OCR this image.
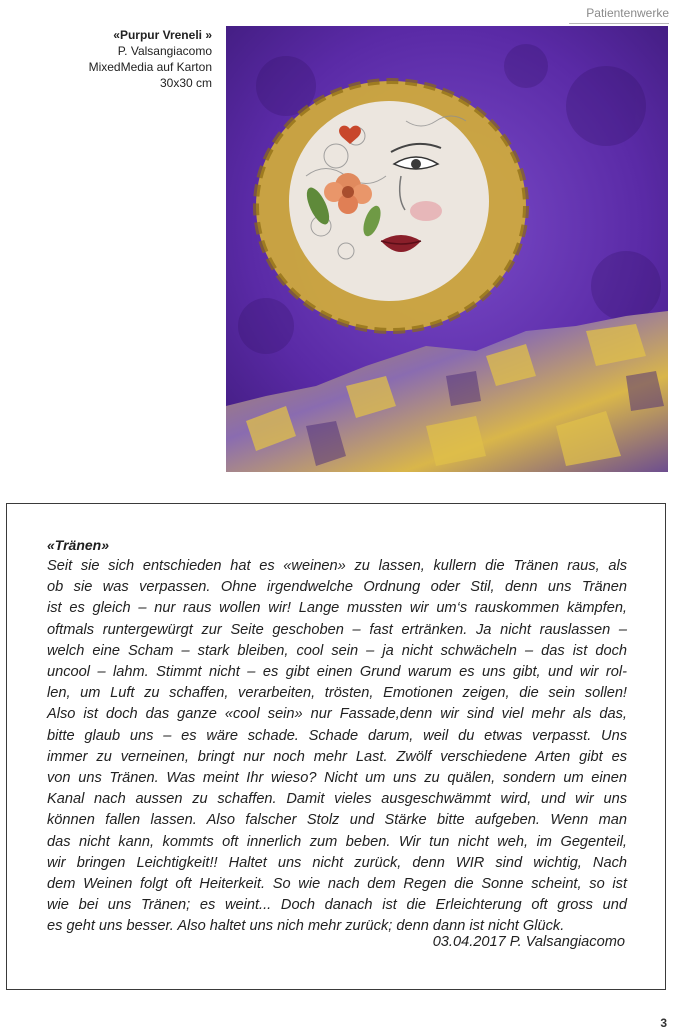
Patientenwerke
«Purpur Vreneli »
P. Valsangiacomo
MixedMedia auf Karton
30x30 cm
«Tränen»
Seit sie sich entschieden hat es «weinen» zu lassen, kullern die Tränen raus, als
ob sie was verpassen. Ohne irgendwelche Ordnung oder Stil, denn uns Tränen
ist es gleich – nur raus wollen wir! Lange mussten wir um‘s rauskommen kämpfen,
oftmals runtergewürgt zur Seite geschoben – fast ertränken. Ja nicht rauslassen –
welch eine Scham – stark bleiben, cool sein – ja nicht schwächeln – das ist doch
uncool – lahm. Stimmt nicht – es gibt einen Grund warum es uns gibt, und wir rol-
len, um Luft zu schaffen, verarbeiten, trösten, Emotionen zeigen, die sein sollen!
Also ist doch das ganze «cool sein» nur Fassade,denn wir sind viel mehr als das,
bitte glaub uns – es wäre schade. Schade darum, weil du etwas verpasst. Uns
immer zu verneinen, bringt nur noch mehr Last. Zwölf verschiedene Arten gibt es
von uns Tränen. Was meint Ihr wieso? Nicht um uns zu quälen, sondern um einen
Kanal nach aussen zu schaffen. Damit vieles ausgeschwämmt wird, und wir uns
können fallen lassen. Also falscher Stolz und Stärke bitte aufgeben. Wenn man
das nicht kann, kommts oft innerlich zum beben. Wir tun nicht weh, im Gegenteil,
wir bringen Leichtigkeit!! Haltet uns nicht zurück, denn WIR sind wichtig, Nach
dem Weinen folgt oft Heiterkeit. So wie nach dem Regen die Sonne scheint, so ist
wie bei uns Tränen; es weint... Doch danach ist die Erleichterung oft gross und
es geht uns besser. Also haltet uns nich mehr zurück; denn dann ist nicht Glück.
03.04.2017 P. Valsangiacomo
3
